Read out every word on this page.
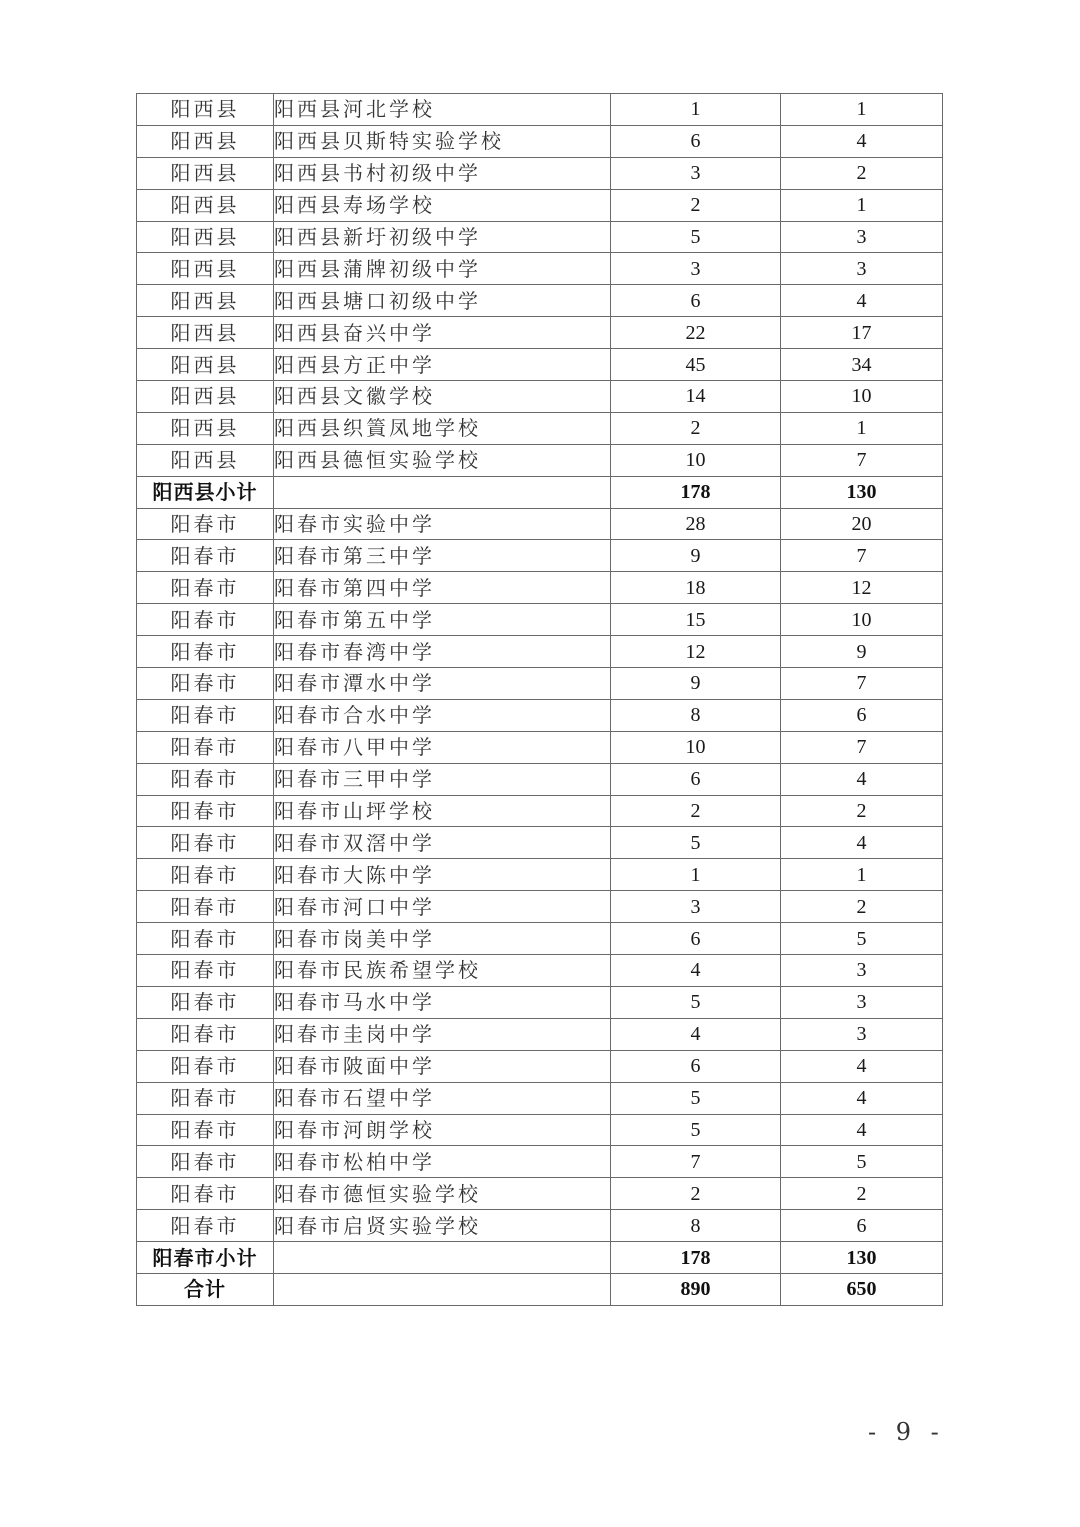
阳西县	阳西县河北学校	1	1
阳西县	阳西县贝斯特实验学校	6	4
阳西县	阳西县书村初级中学	3	2
阳西县	阳西县寿场学校	2	1
阳西县	阳西县新圩初级中学	5	3
阳西县	阳西县蒲牌初级中学	3	3
阳西县	阳西县塘口初级中学	6	4
阳西县	阳西县奋兴中学	22	17
阳西县	阳西县方正中学	45	34
阳西县	阳西县文徽学校	14	10
阳西县	阳西县织篢凤地学校	2	1
阳西县	阳西县德恒实验学校	10	7
阳西县小计		178	130
阳春市	阳春市实验中学	28	20
阳春市	阳春市第三中学	9	7
阳春市	阳春市第四中学	18	12
阳春市	阳春市第五中学	15	10
阳春市	阳春市春湾中学	12	9
阳春市	阳春市潭水中学	9	7
阳春市	阳春市合水中学	8	6
阳春市	阳春市八甲中学	10	7
阳春市	阳春市三甲中学	6	4
阳春市	阳春市山坪学校	2	2
阳春市	阳春市双滘中学	5	4
阳春市	阳春市大陈中学	1	1
阳春市	阳春市河口中学	3	2
阳春市	阳春市岗美中学	6	5
阳春市	阳春市民族希望学校	4	3
阳春市	阳春市马水中学	5	3
阳春市	阳春市圭岗中学	4	3
阳春市	阳春市陂面中学	6	4
阳春市	阳春市石望中学	5	4
阳春市	阳春市河朗学校	5	4
阳春市	阳春市松柏中学	7	5
阳春市	阳春市德恒实验学校	2	2
阳春市	阳春市启贤实验学校	8	6
阳春市小计		178	130
合计		890	650
- 9 -
